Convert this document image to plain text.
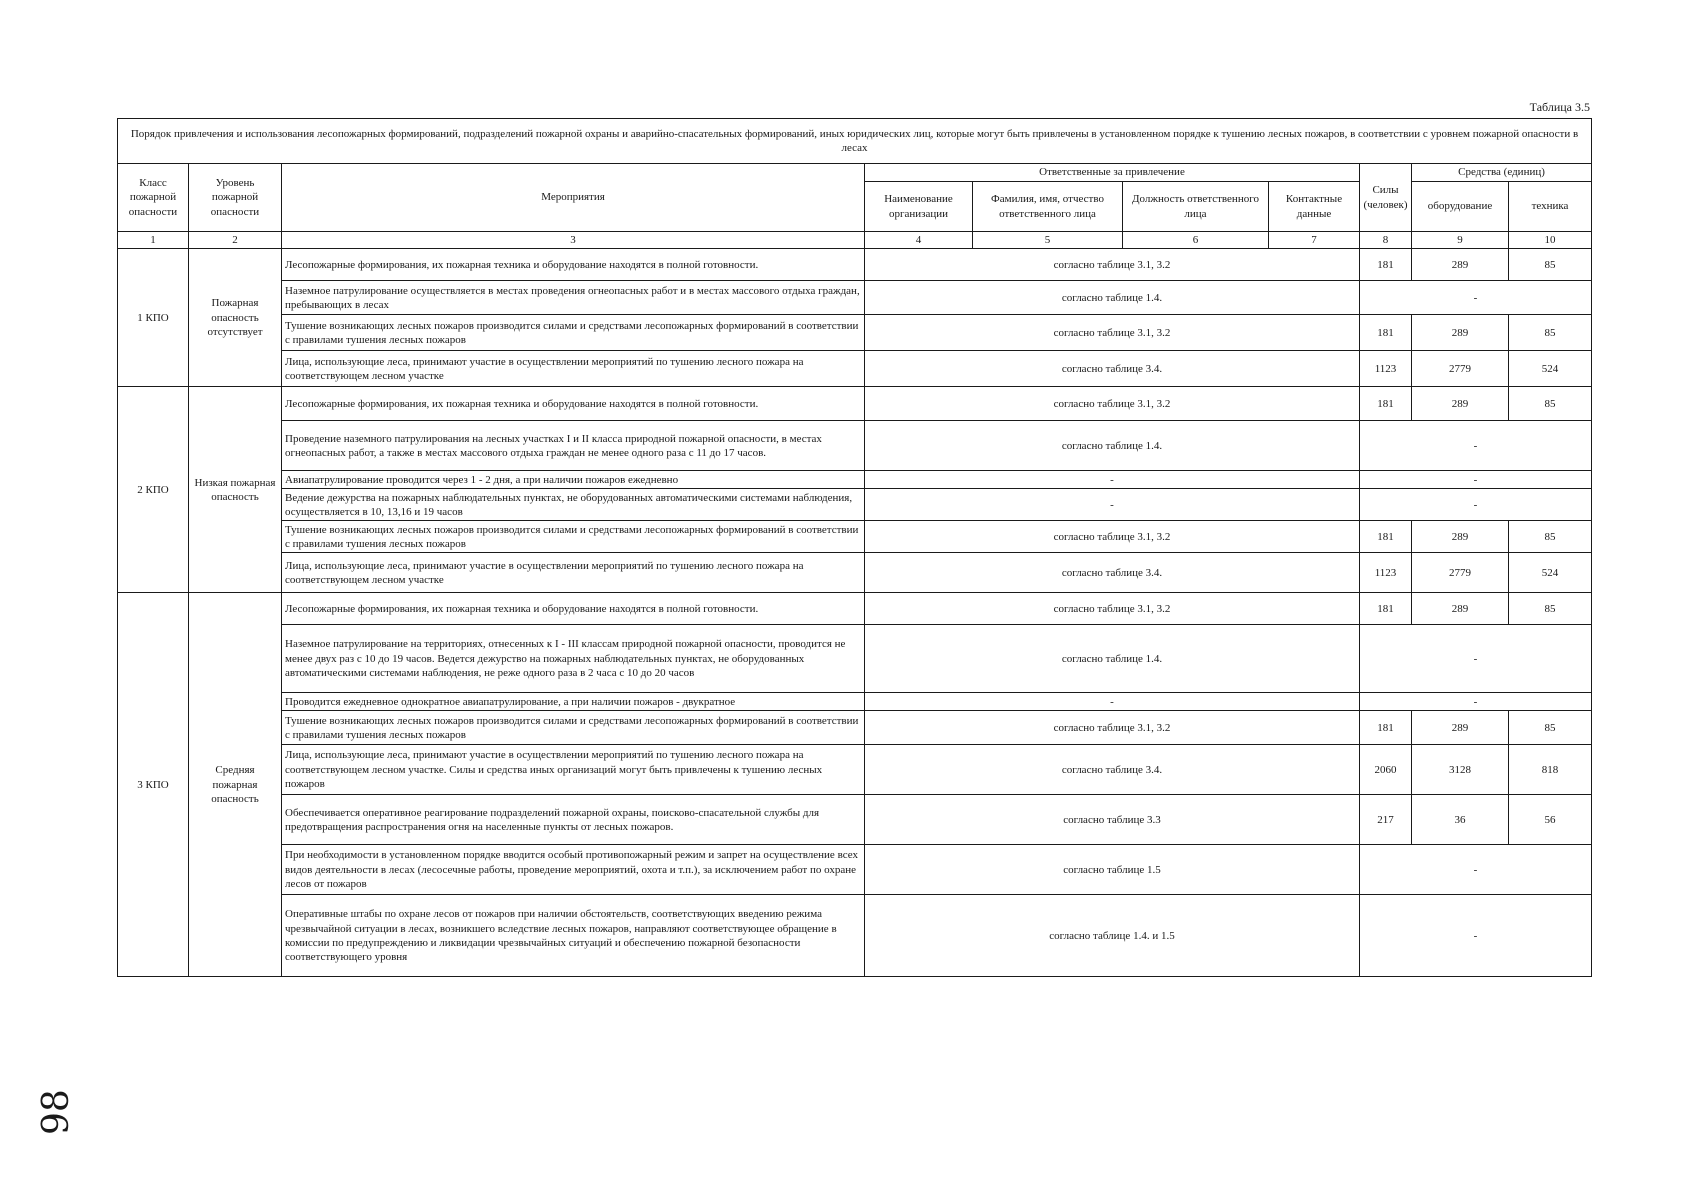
Таблица 3.5
Порядок привлечения и использования лесопожарных формирований, подразделений пожарной охраны и аварийно-спасательных формирований, иных юридических лиц, которые могут быть привлечены в установленном порядке к тушению лесных пожаров, в соответствии с уровнем пожарной опасности в лесах									
Класс пожарной опасности	Уровень пожарной опасности	Мероприятия	Ответственные за привлечение				Силы (человек)	Средства (единиц)	
			Наименование организации	Фамилия, имя, отчество ответственного лица	Должность ответственного лица	Контактные данные		оборудование	техника
1	2	3	4	5	6	7	8	9	10
1 КПО	Пожарная опасность отсутствует	Лесопожарные формирования, их пожарная техника и оборудование находятся в полной готовности.	согласно таблице 3.1, 3.2				181	289	85
		Наземное патрулирование осуществляется в местах проведения огнеопасных работ и в местах массового отдыха граждан, пребывающих в лесах	согласно таблице 1.4.				-		
		Тушение возникающих лесных пожаров производится силами и средствами лесопожарных формирований в соответствии с правилами тушения лесных пожаров	согласно таблице 3.1, 3.2				181	289	85
		Лица, использующие леса, принимают участие в осуществлении мероприятий по тушению лесного пожара на соответствующем лесном участке	согласно таблице 3.4.				1123	2779	524
2 КПО	Низкая пожарная опасность	Лесопожарные формирования, их пожарная техника и оборудование находятся в полной готовности.	согласно таблице 3.1, 3.2				181	289	85
		Проведение наземного патрулирования на лесных участках I и II класса природной пожарной опасности, в местах огнеопасных работ, а также в местах массового отдыха граждан не менее одного раза с 11 до 17 часов.	согласно таблице 1.4.				-		
		Авиапатрулирование проводится через 1 - 2 дня, а при наличии пожаров ежедневно	-				-		
		Ведение дежурства на пожарных наблюдательных пунктах, не оборудованных автоматическими системами наблюдения, осуществляется в 10, 13,16 и 19 часов	-				-		
		Тушение возникающих лесных пожаров производится силами и средствами лесопожарных формирований в соответствии с правилами тушения лесных пожаров	согласно таблице 3.1, 3.2				181	289	85
		Лица, использующие леса, принимают участие в осуществлении мероприятий по тушению лесного пожара на соответствующем лесном участке	согласно таблице 3.4.				1123	2779	524
3 КПО	Средняя пожарная опасность	Лесопожарные формирования, их пожарная техника и оборудование находятся в полной готовности.	согласно таблице 3.1, 3.2				181	289	85
		Наземное патрулирование на территориях, отнесенных к I - III классам природной пожарной опасности, проводится не менее двух раз с 10 до 19 часов. Ведется дежурство на пожарных наблюдательных пунктах, не оборудованных автоматическими системами наблюдения, не реже одного раза в 2 часа с 10 до 20 часов	согласно таблице 1.4.				-		
		Проводится ежедневное однократное авиапатрулирование, а при наличии пожаров - двукратное	-				-		
		Тушение возникающих лесных пожаров производится силами и средствами лесопожарных формирований в соответствии с правилами тушения лесных пожаров	согласно таблице 3.1, 3.2				181	289	85
		Лица, использующие леса, принимают участие в осуществлении мероприятий по тушению лесного пожара на соответствующем лесном участке. Силы и средства иных организаций могут быть привлечены к тушению лесных пожаров	согласно таблице 3.4.				2060	3128	818
		Обеспечивается оперативное реагирование подразделений пожарной охраны, поисково-спасательной службы для предотвращения распространения огня на населенные пункты от лесных пожаров.	согласно таблице 3.3				217	36	56
		При необходимости в установленном порядке вводится особый противопожарный режим и запрет на осуществление всех видов деятельности в лесах (лесосечные работы, проведение мероприятий, охота и т.п.), за исключением работ по охране лесов от пожаров	согласно таблице 1.5				-		
		Оперативные штабы по охране лесов от пожаров при наличии обстоятельств, соответствующих введению режима чрезвычайной ситуации в лесах, возникшего вследствие лесных пожаров, направляют соответствующее обращение в комиссии по предупреждению и ликвидации чрезвычайных ситуаций и обеспечению пожарной безопасности соответствующего уровня	согласно таблице 1.4. и 1.5				-		
98
